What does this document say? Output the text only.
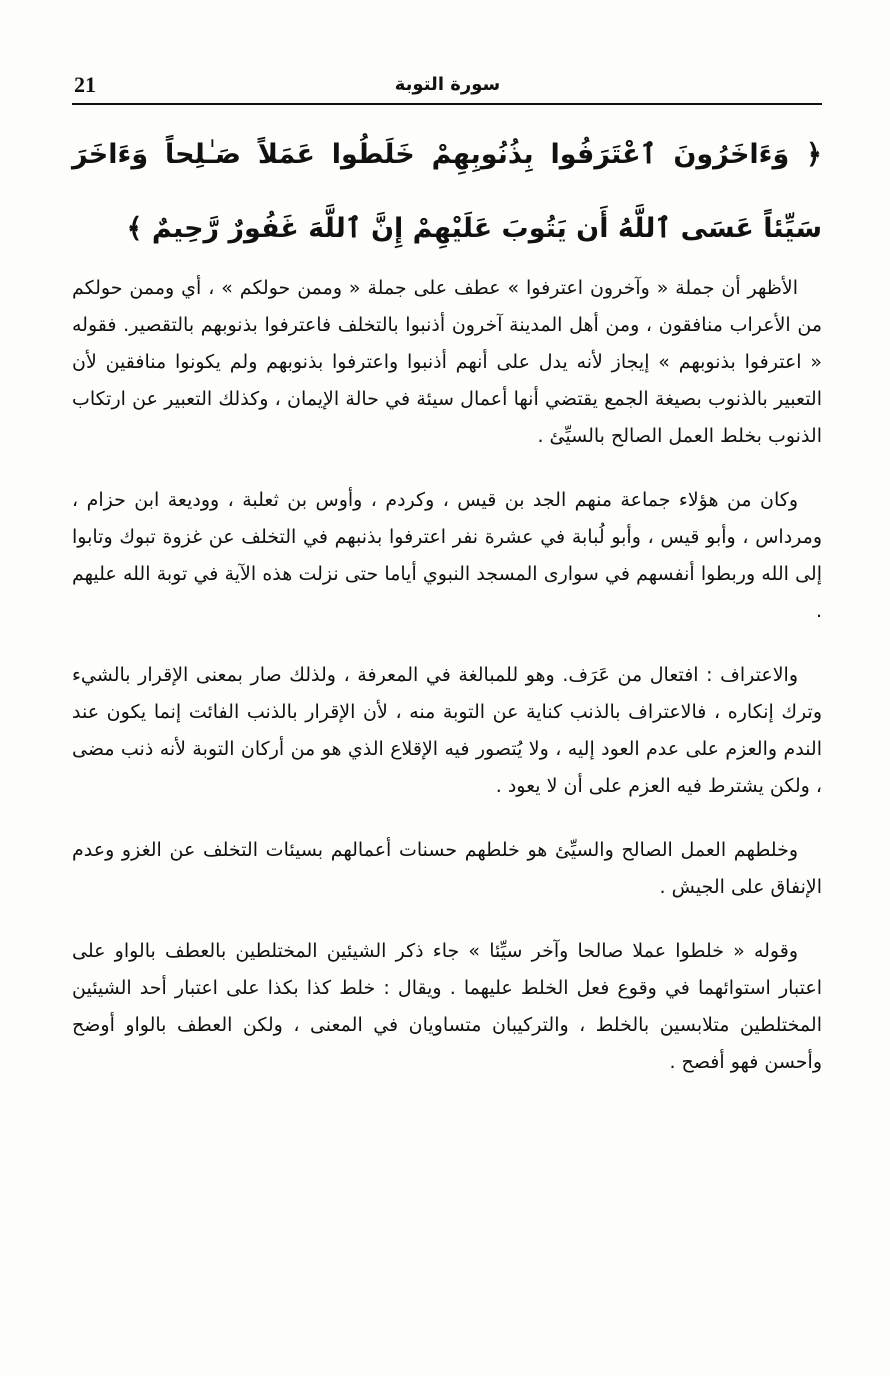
21	سورة التوبة
﴿ وَءَاخَرُونَ ٱعْتَرَفُوا بِذُنُوبِهِمْ خَلَطُوا عَمَلاً صَـٰلِحاً وَءَاخَرَ سَيِّئاً عَسَى ٱللَّهُ أَن يَتُوبَ عَلَيْهِمْ إِنَّ ٱللَّهَ غَفُورٌ رَّحِيمٌ ﴾

الأظهر أن جملة « وآخرون اعترفوا » عطف على جملة « وممن حولكم » ، أي وممن حولكم من الأعراب منافقون ، ومن أهل المدينة آخرون أذنبوا بالتخلف فاعترفوا بذنوبهم بالتقصير. فقوله « اعترفوا بذنوبهم » إيجاز لأنه يدل على أنهم أذنبوا واعترفوا بذنوبهم ولم يكونوا منافقين لأن التعبير بالذنوب بصيغة الجمع يقتضي أنها أعمال سيئة في حالة الإيمان ، وكذلك التعبير عن ارتكاب الذنوب بخلط العمل الصالح بالسيِّئ .

وكان من هؤلاء جماعة منهم الجد بن قيس ، وكردم ، وأوس بن ثعلبة ، ووديعة ابن حزام ، ومرداس ، وأبو قيس ، وأبو لُبابة في عشرة نفر اعترفوا بذنبهم في التخلف عن غزوة تبوك وتابوا إلى الله وربطوا أنفسهم في سوارى المسجد النبوي أياما حتى نزلت هذه الآية في توبة الله عليهم .

والاعتراف : افتعال من عَرَف. وهو للمبالغة في المعرفة ، ولذلك صار بمعنى الإقرار بالشيء وترك إنكاره ، فالاعتراف بالذنب كناية عن التوبة منه ، لأن الإقرار بالذنب الفائت إنما يكون عند الندم والعزم على عدم العود إليه ، ولا يُتصور فيه الإقلاع الذي هو من أركان التوبة لأنه ذنب مضى ، ولكن يشترط فيه العزم على أن لا يعود .

وخلطهم العمل الصالح والسيِّئ هو خلطهم حسنات أعمالهم بسيئات التخلف عن الغزو وعدم الإنفاق على الجيش .

وقوله « خلطوا عملا صالحا وآخر سيِّئا » جاء ذكر الشيئين المختلطين بالعطف بالواو على اعتبار استوائهما في وقوع فعل الخلط عليهما . ويقال : خلط كذا بكذا على اعتبار أحد الشيئين المختلطين متلابسين بالخلط ، والتركيبان متساويان في المعنى ، ولكن العطف بالواو أوضح وأحسن فهو أفصح .
